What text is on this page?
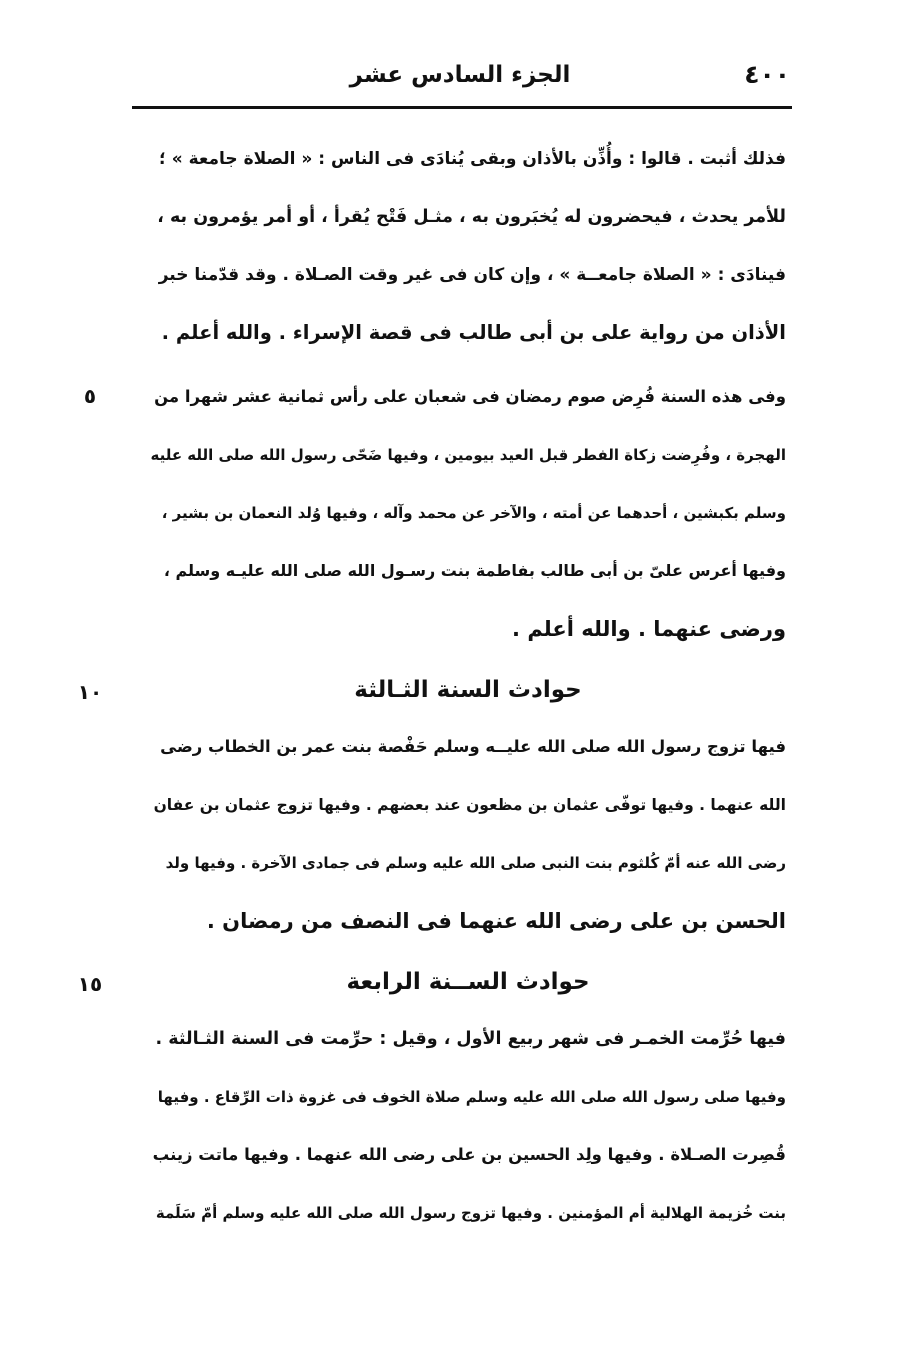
٤٠٠
الجزء السادس عشر
فذلك أثبت . قالوا : وأُذِّن بالأذان وبقى يُنادَى فى الناس : « الصلاة جامعة » ؛
للأمر يحدث ، فيحضرون له يُخبَرون به ، مثـل فَتْح يُقرأ ، أو أمر يؤمرون به ،
فينادَى : « الصلاة جامعــة » ، وإن كان فى غير وقت الصـلاة . وقد قدّمنا خبر
الأذان من رواية على بن أبى طالب فى قصة الإسراء . والله أعلم .
وفى هذه السنة فُرِض صوم رمضان فى شعبان على رأس ثمانية عشر شهرا من
الهجرة ، وفُرِضت زكاة الفطر قبل العيد بيومين ، وفيها ضَحّى رسول الله صلى الله عليه
وسلم بكبشين ، أحدهما عن أمته ، والآخر عن محمد وآله ، وفيها وُلد النعمان بن بشير ،
وفيها أعرس علىّ بن أبى طالب بفاطمة بنت رسـول الله صلى الله عليـه وسلم ،
ورضى عنهما . والله أعلم .
٥
حوادث السنة الثـالثة
١٠
فيها تزوج رسول الله صلى الله عليــه وسلم حَفْصة بنت عمر بن الخطاب رضى
الله عنهما . وفيها توفّى عثمان بن مظعون عند بعضهم . وفيها تزوج عثمان بن عفان
رضى الله عنه أمّ كُلثوم بنت النبى صلى الله عليه وسلم فى جمادى الآخرة . وفيها ولد
الحسن بن على رضى الله عنهما فى النصف من رمضان .
حوادث الســنة الرابعة
١٥
فيها حُرِّمت الخمـر فى شهر ربيع الأول ، وقيل : حرِّمت فى السنة الثـالثة .
وفيها صلى رسول الله صلى الله عليه وسلم صلاة الخوف فى غزوة ذات الرِّقاع . وفيها
قُصِرت الصـلاة . وفيها ولِد الحسين بن على رضى الله عنهما . وفيها ماتت زينب
بنت خُزيمة الهلالية أم المؤمنين . وفيها تزوج رسول الله صلى الله عليه وسلم أمّ سَلَمة
